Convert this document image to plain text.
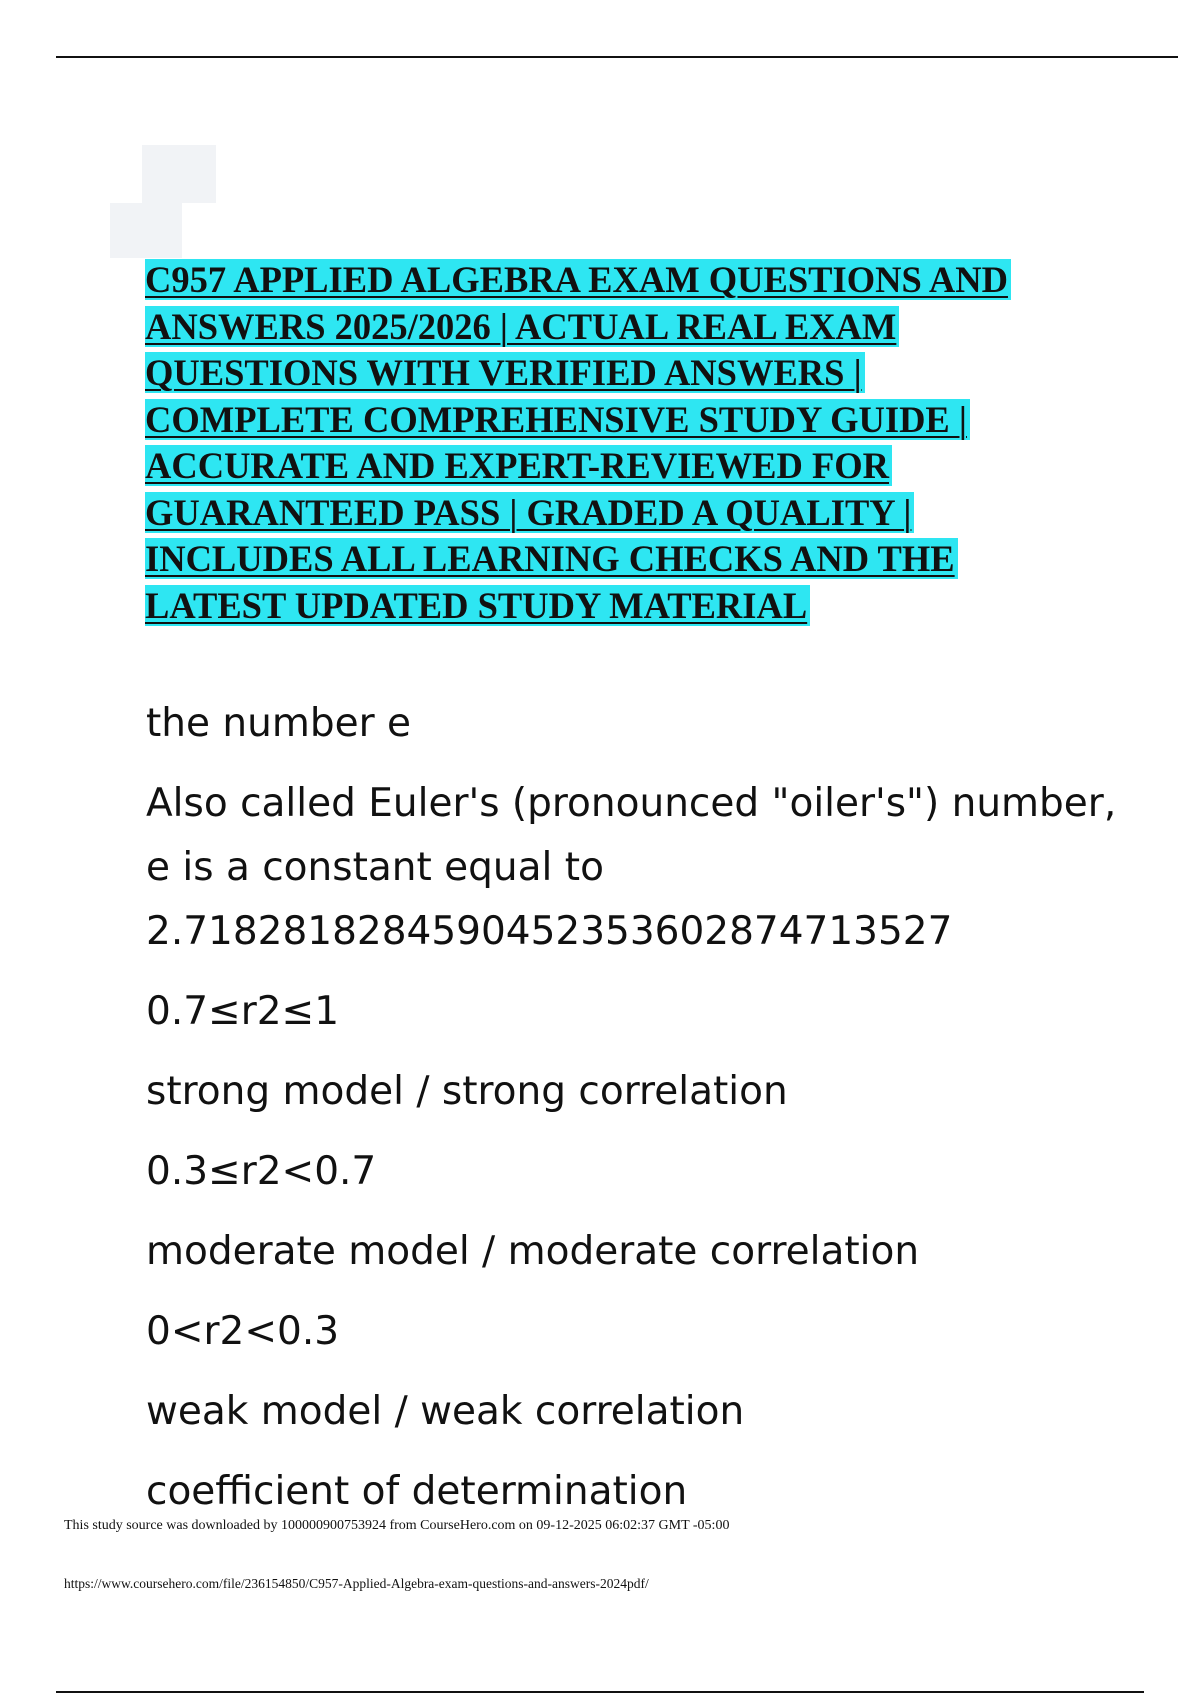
C957 APPLIED ALGEBRA EXAM QUESTIONS AND
ANSWERS 2025/2026 | ACTUAL REAL EXAM
QUESTIONS WITH VERIFIED ANSWERS |
COMPLETE COMPREHENSIVE STUDY GUIDE |
ACCURATE AND EXPERT-REVIEWED FOR
GUARANTEED PASS | GRADED A QUALITY |
INCLUDES ALL LEARNING CHECKS AND THE
LATEST UPDATED STUDY MATERIAL

the number e

Also called Euler's (pronounced "oiler's") number, e is a constant equal to 2.718281828459045235360287471352​7

0.7≤r2≤1

strong model / strong correlation

0.3≤r2<0.7

moderate model / moderate correlation

0<r2<0.3

weak model / weak correlation

coefficient of determination

This study source was downloaded by 100000900753924 from CourseHero.com on 09-12-2025 06:02:37 GMT -05:00
https://www.coursehero.com/file/236154850/C957-Applied-Algebra-exam-questions-and-answers-2024pdf/
